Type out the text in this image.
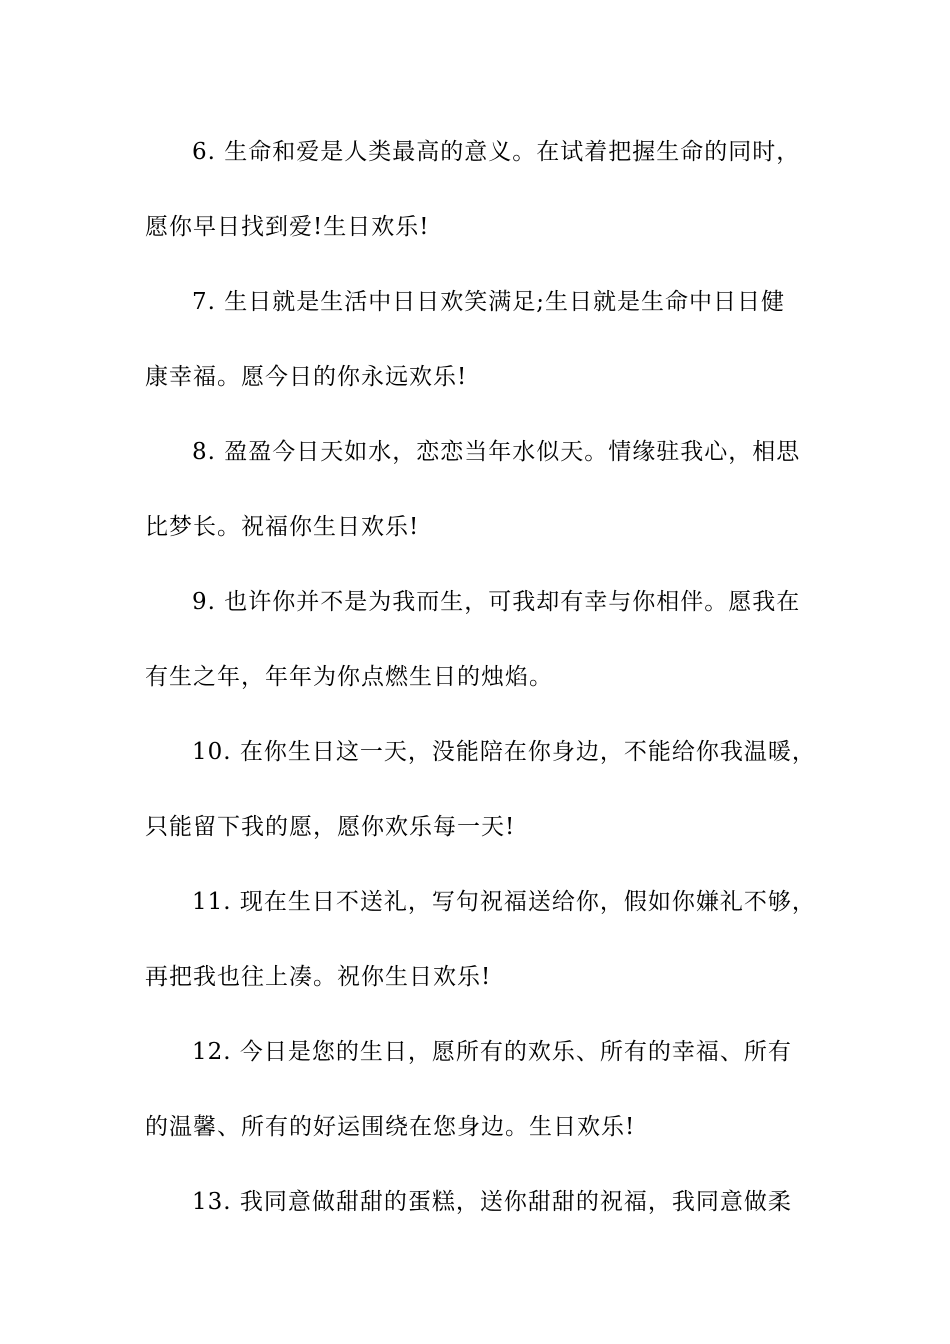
6. 生命和爱是人类最高的意义。在试着把握生命的同时，
愿你早日找到爱!生日欢乐!
7. 生日就是生活中日日欢笑满足;生日就是生命中日日健
康幸福。愿今日的你永远欢乐!
8. 盈盈今日天如水，恋恋当年水似天。情缘驻我心，相思
比梦长。祝福你生日欢乐!
9. 也许你并不是为我而生，可我却有幸与你相伴。愿我在
有生之年，年年为你点燃生日的烛焰。
10. 在你生日这一天，没能陪在你身边，不能给你我温暖，
只能留下我的愿，愿你欢乐每一天!
11. 现在生日不送礼，写句祝福送给你，假如你嫌礼不够，
再把我也往上凑。祝你生日欢乐!
12. 今日是您的生日，愿所有的欢乐、所有的幸福、所有
的温馨、所有的好运围绕在您身边。生日欢乐!
13. 我同意做甜甜的蛋糕，送你甜甜的祝福，我同意做柔
